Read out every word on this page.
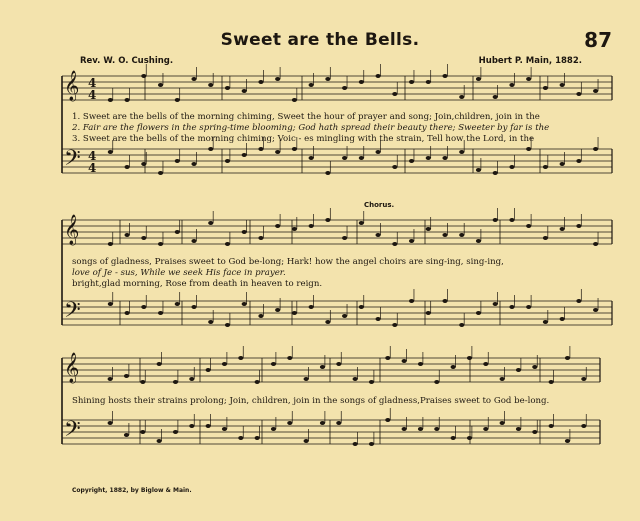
Sweet are the Bells.	87
Rev. W. O. Cushing.	Hubert P. Main, 1882.
𝄞
𝄢
𝄞
𝄢
𝄞
𝄢
4
4
4
4
1. Sweet are the bells of the morning chiming, Sweet the hour of prayer and song; Join,children, join in the
2. Fair are the flowers in the spring-time blooming; God hath spread their beauty there; Sweeter by far is the
3. Sweet are the bells of the morning chiming; Voic - es mingling with the strain, Tell how the Lord, in the
Chorus.
songs of gladness, Praises sweet to God be-long; Hark! how the angel choirs are sing-ing, sing-ing,
love of Je - sus, While we seek His face in prayer.
bright,glad morning, Rose from death in heaven to reign.
Shining hosts their strains prolong; Join, children, join in the songs of gladness,Praises sweet to God be-long.
Copyright, 1882, by Biglow & Main.
